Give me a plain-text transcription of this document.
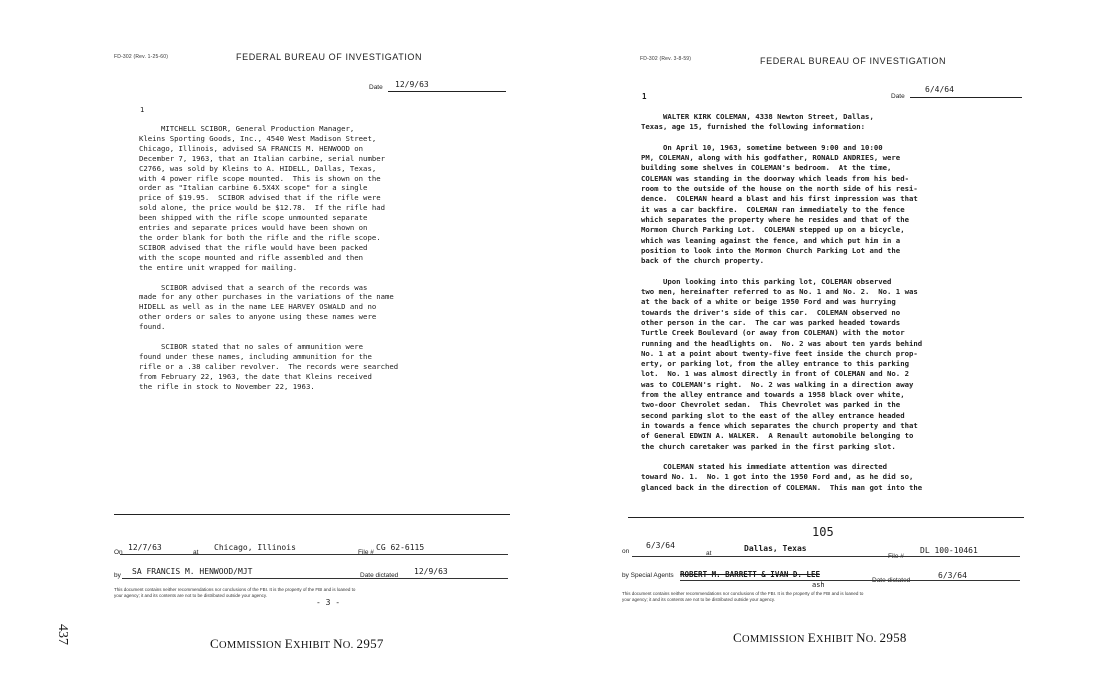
FD-302 (Rev. 1-25-60)	FEDERAL BUREAU OF INVESTIGATION
Date 12/9/63
1

MITCHELL SCIBOR, General Production Manager,

Kleins Sporting Goods, Inc., 4540 West Madison Street,

Chicago, Illinois, advised SA FRANCIS M. HENWOOD on

December 7, 1963, that an Italian carbine, serial number

C2766, was sold by Kleins to A. HIDELL, Dallas, Texas,

with 4 power rifle scope mounted.  This is shown on the

order as "Italian carbine 6.5X4X scope" for a single

price of $19.95.  SCIBOR advised that if the rifle were

sold alone, the price would be $12.78.  If the rifle had

been shipped with the rifle scope unmounted separate

entries and separate prices would have been shown on

the order blank for both the rifle and the rifle scope.

SCIBOR advised that the rifle would have been packed

with the scope mounted and rifle assembled and then

the entire unit wrapped for mailing.

SCIBOR advised that a search of the records was

made for any other purchases in the variations of the name

HIDELL as well as in the name LEE HARVEY OSWALD and no

other orders or sales to anyone using these names were

found.

SCIBOR stated that no sales of ammunition were

found under these names, including ammunition for the

rifle or a .38 caliber revolver.  The records were searched

from February 22, 1963, the date that Kleins received

the rifle in stock to November 22, 1963.

On
12/7/63
at
Chicago, Illinois
File #
CG 62-6115
by SA FRANCIS M. HENWOOD/MJT	Date dictated 12/9/63
This document contains neither recommendations nor conclusions of the FBI. It is the property of the FBI and is loaned to
your agency; it and its contents are not to be distributed outside your agency.
- 3 -
FD-302 (Rev. 3-8-59)	FEDERAL BUREAU OF INVESTIGATION
Date
6/4/64
1

WALTER KIRK COLEMAN, 4338 Newton Street, Dallas,

Texas, age 15, furnished the following information:

On April 10, 1963, sometime between 9:00 and 10:00

PM, COLEMAN, along with his godfather, RONALD ANDRIES, were

building some shelves in COLEMAN's bedroom.  At the time,

COLEMAN was standing in the doorway which leads from his bed-

room to the outside of the house on the north side of his resi-

dence.  COLEMAN heard a blast and his first impression was that

it was a car backfire.  COLEMAN ran immediately to the fence

which separates the property where he resides and that of the

Mormon Church Parking Lot.  COLEMAN stepped up on a bicycle,

which was leaning against the fence, and which put him in a

position to look into the Mormon Church Parking Lot and the

back of the church property.

Upon looking into this parking lot, COLEMAN observed

two men, hereinafter referred to as No. 1 and No. 2.  No. 1 was

at the back of a white or beige 1950 Ford and was hurrying

towards the driver's side of this car.  COLEMAN observed no

other person in the car.  The car was parked headed towards

Turtle Creek Boulevard (or away from COLEMAN) with the motor

running and the headlights on.  No. 2 was about ten yards behind

No. 1 at a point about twenty-five feet inside the church prop-

erty, or parking lot, from the alley entrance to this parking

lot.  No. 1 was almost directly in front of COLEMAN and No. 2

was to COLEMAN's right.  No. 2 was walking in a direction away

from the alley entrance and towards a 1958 black over white,

two-door Chevrolet sedan.  This Chevrolet was parked in the

second parking slot to the east of the alley entrance headed

in towards a fence which separates the church property and that

of General EDWIN A. WALKER.  A Renault automobile belonging to

the church caretaker was parked in the first parking slot.

COLEMAN stated his immediate attention was directed

toward No. 1.  No. 1 got into the 1950 Ford and, as he did so,

glanced back in the direction of COLEMAN.  This man got into the

105
on
6/3/64
at
Dallas, Texas
File #
DL 100-10461
by Special Agents ROBERT M. BARRETT & IVAN D. LEE
Date dictated
6/3/64
ash
This document contains neither recommendations nor conclusions of the FBI. It is the property of the FBI and is loaned to
your agency; it and its contents are not to be distributed outside your agency.
COMMISSION EXHIBIT NO. 2957	COMMISSION EXHIBIT NO. 2958
437
